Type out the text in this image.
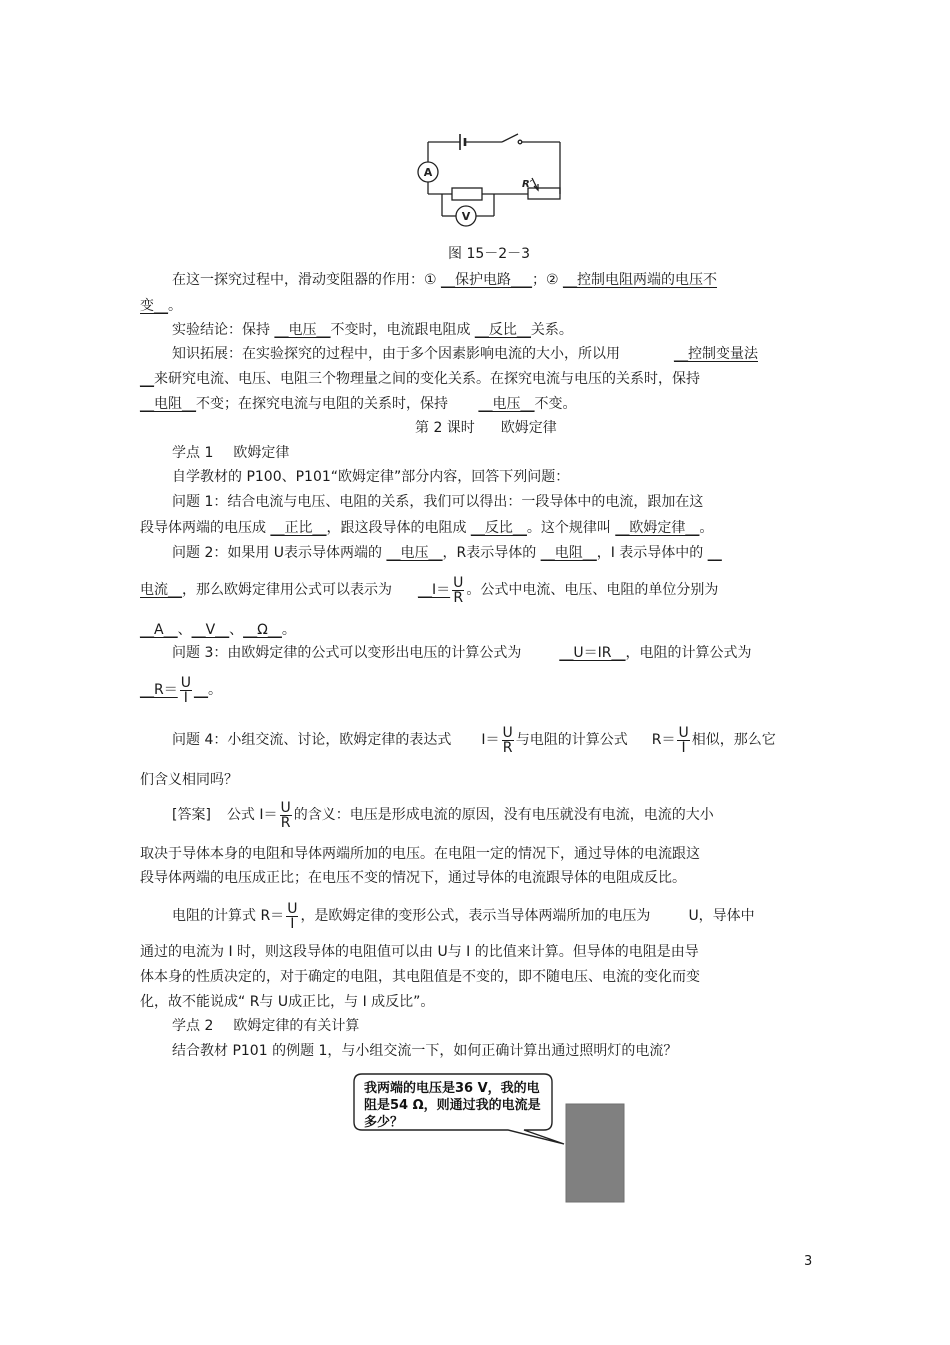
A
V
R′
图 15－2－3
在这一探究过程中，滑动变阻器的作用：① __保护电路___；② __控制电阻两端的电压不
变__。
实验结论：保持 __电压__不变时，电流跟电阻成 __反比__关系。
知识拓展：在实验探究的过程中，由于多个因素影响电流的大小，所以用	__控制变量法
__来研究电流、电压、电阻三个物理量之间的变化关系。在探究电流与电压的关系时，保持
__电阻__不变；在探究电流与电阻的关系时，保持 __电压__不变。
第 2 课时 欧姆定律
学点 1 欧姆定律
自学教材的 P100、P101“欧姆定律”部分内容，回答下列问题：
问题 1：结合电流与电压、电阻的关系，我们可以得出：一段导体中的电流，跟加在这
段导体两端的电压成 __正比__，跟这段导体的电阻成 __反比__。这个规律叫 __欧姆定律__。
问题 2：如果用 U表示导体两端的 __电压__，R表示导体的 __电阻__，I 表示导体中的 __
电流__，那么欧姆定律用公式可以表示为 __I＝ $\frac{U}{R}$ 。公式中电流、电压、电阻的单位分别为
__A__、__V__、__Ω__。
问题 3：由欧姆定律的公式可以变形出电压的计算公式为	__U＝IR__，电阻的计算公式为
__R＝ $\frac{U}{I}$ __。
问题 4：小组交流、讨论，欧姆定律的表达式 $I= \frac{U}{R}$ 与电阻的计算公式 $R= \frac{U}{I}$ 相似，那么它
们含义相同吗？
[答案] 公式 $I= \frac{U}{R}$ 的含义：电压是形成电流的原因，没有电压就没有电流，电流的大小
取决于导体本身的电阻和导体两端所加的电压。在电阻一定的情况下，通过导体的电流跟这
段导体两端的电压成正比；在电压不变的情况下，通过导体的电流跟导体的电阻成反比。
电阻的计算式 $R= \frac{U}{I}$ ，是欧姆定律的变形公式，表示当导体两端所加的电压为	U，导体中
通过的电流为 I 时，则这段导体的电阻值可以由 U与 I 的比值来计算。但导体的电阻是由导
体本身的性质决定的，对于确定的电阻，其电阻值是不变的，即不随电压、电流的变化而变
化，故不能说成“ R与 U成正比，与 I 成反比”。
学点 2 欧姆定律的有关计算
结合教材 P101 的例题 1，与小组交流一下，如何正确计算出通过照明灯的电流？
我两端的电压是36 V，我的电
阻是54 Ω，则通过我的电流是
多少？
3
